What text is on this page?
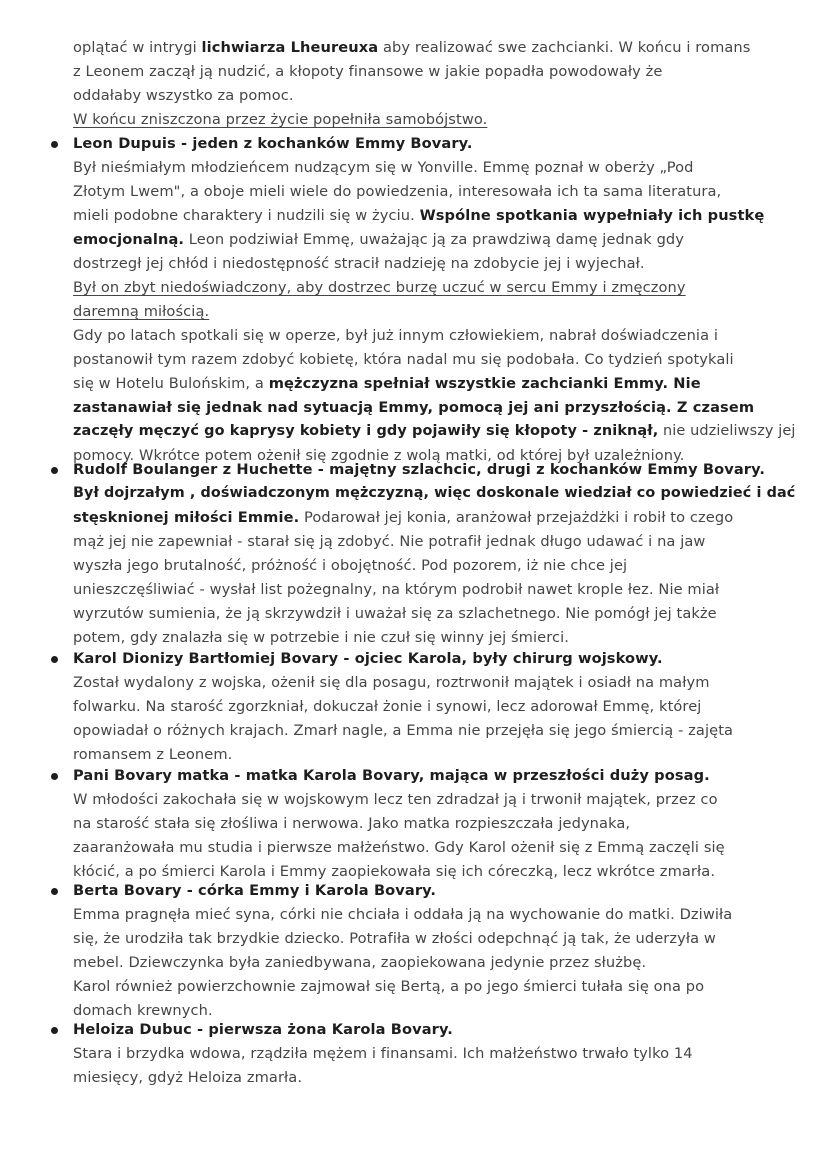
oplątać w intrygi lichwiarza Lheureuxa aby realizować swe zachcianki. W końcu i romans
z Leonem zaczął ją nudzić, a kłopoty finansowe w jakie popadła powodowały że
oddałaby wszystko za pomoc.
W końcu zniszczona przez życie popełniła samobójstwo.
Leon Dupuis - jeden z kochanków Emmy Bovary.
Był nieśmiałym młodzieńcem nudzącym się w Yonville. Emmę poznał w oberży „Pod
Złotym Lwem", a oboje mieli wiele do powiedzenia, interesowała ich ta sama literatura,
mieli podobne charaktery i nudzili się w życiu. Wspólne spotkania wypełniały ich pustkę
emocjonalną. Leon podziwiał Emmę, uważając ją za prawdziwą damę jednak gdy
dostrzegł jej chłód i niedostępność stracił nadzieję na zdobycie jej i wyjechał.
Był on zbyt niedoświadczony, aby dostrzec burzę uczuć w sercu Emmy i zmęczony
daremną miłością.
Gdy po latach spotkali się w operze, był już innym człowiekiem, nabrał doświadczenia i
postanowił tym razem zdobyć kobietę, która nadal mu się podobała. Co tydzień spotykali
się w Hotelu Bulońskim, a mężczyzna spełniał wszystkie zachcianki Emmy. Nie
zastanawiał się jednak nad sytuacją Emmy, pomocą jej ani przyszłością. Z czasem
zaczęły męczyć go kaprysy kobiety i gdy pojawiły się kłopoty - zniknął, nie udzieliwszy jej
pomocy. Wkrótce potem ożenił się zgodnie z wolą matki, od której był uzależniony.
Rudolf Boulanger z Huchette - majętny szlachcic, drugi z kochanków Emmy Bovary.
Był dojrzałym , doświadczonym mężczyzną, więc doskonale wiedział co powiedzieć i dać
stęsknionej miłości Emmie. Podarował jej konia, aranżował przejażdżki i robił to czego
mąż jej nie zapewniał - starał się ją zdobyć. Nie potrafił jednak długo udawać i na jaw
wyszła jego brutalność, próżność i obojętność. Pod pozorem, iż nie chce jej
unieszczęśliwiać - wysłał list pożegnalny, na którym podrobił nawet krople łez. Nie miał
wyrzutów sumienia, że ją skrzywdził i uważał się za szlachetnego. Nie pomógł jej także
potem, gdy znalazła się w potrzebie i nie czuł się winny jej śmierci.
Karol Dionizy Bartłomiej Bovary - ojciec Karola, były chirurg wojskowy.
Został wydalony z wojska, ożenił się dla posagu, roztrwonił majątek i osiadł na małym
folwarku. Na starość zgorzkniał, dokuczał żonie i synowi, lecz adorował Emmę, której
opowiadał o różnych krajach. Zmarł nagle, a Emma nie przejęła się jego śmiercią - zajęta
romansem z Leonem.
Pani Bovary matka - matka Karola Bovary, mająca w przeszłości duży posag.
W młodości zakochała się w wojskowym lecz ten zdradzał ją i trwonił majątek, przez co
na starość stała się złośliwa i nerwowa. Jako matka rozpieszczała jedynaka,
zaaranżowała mu studia i pierwsze małżeństwo. Gdy Karol ożenił się z Emmą zaczęli się
kłócić, a po śmierci Karola i Emmy zaopiekowała się ich córeczką, lecz wkrótce zmarła.
Berta Bovary - córka Emmy i Karola Bovary.
Emma pragnęła mieć syna, córki nie chciała i oddała ją na wychowanie do matki. Dziwiła
się, że urodziła tak brzydkie dziecko. Potrafiła w złości odepchnąć ją tak, że uderzyła w
mebel. Dziewczynka była zaniedbywana, zaopiekowana jedynie przez służbę.
Karol również powierzchownie zajmował się Bertą, a po jego śmierci tułała się ona po
domach krewnych.
Heloiza Dubuc - pierwsza żona Karola Bovary.
Stara i brzydka wdowa, rządziła mężem i finansami. Ich małżeństwo trwało tylko 14
miesięcy, gdyż Heloiza zmarła.
